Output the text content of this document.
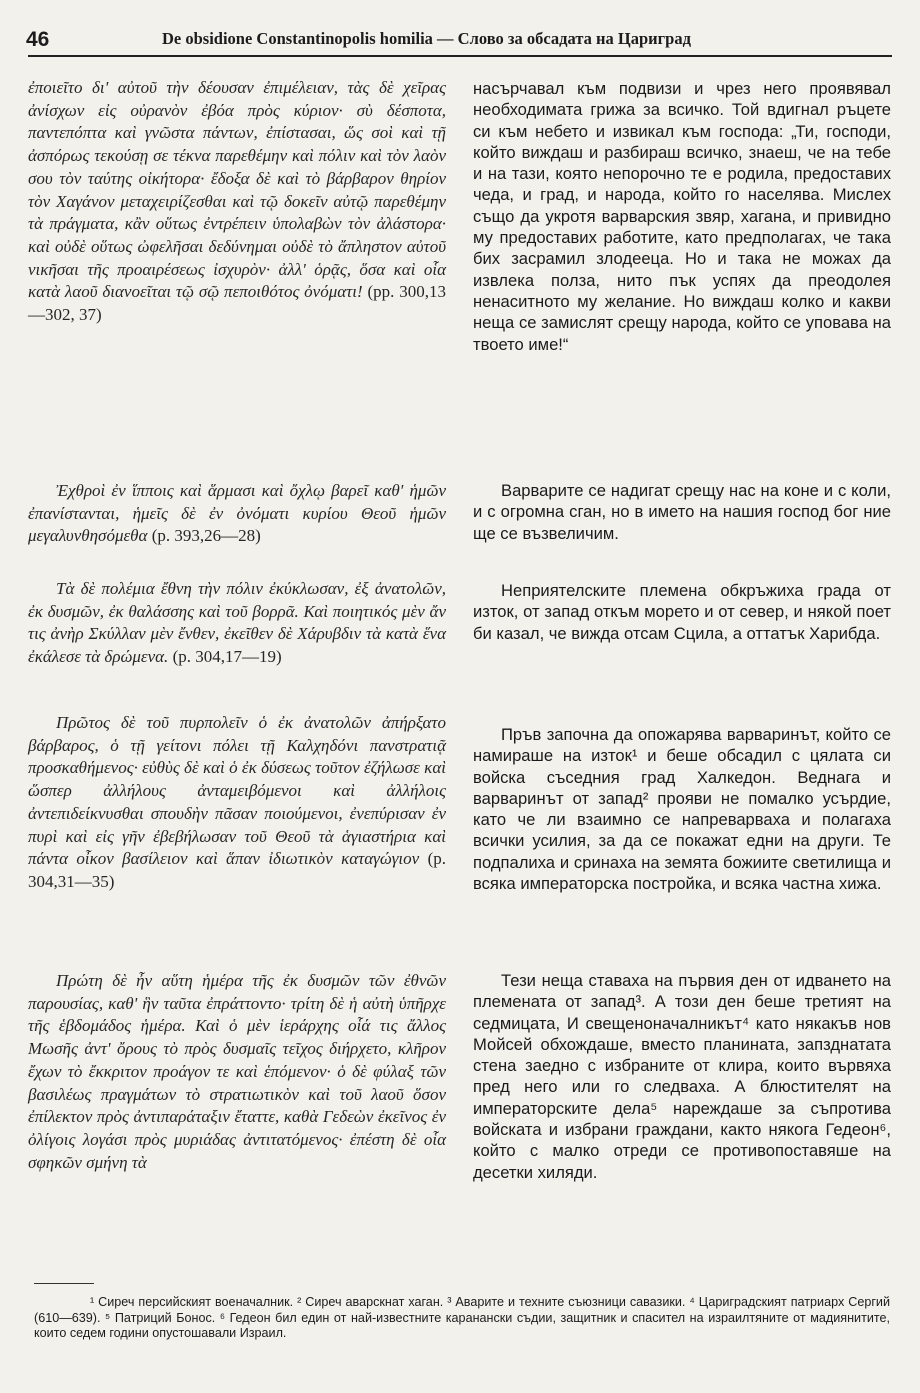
46	De obsidione Constantinopolis homilia — Слово за обсадата на Цариград

ἐποιεῖτο δι' αὐτοῦ τὴν δέουσαν ἐπιμέλειαν, τὰς δὲ χεῖρας ἀνίσχων εἰς οὐρανὸν ἐβόα πρὸς κύριον· σὺ δέσποτα, παντεπόπτα καὶ γνῶστα πάντων, ἐπίστασαι, ὥς σοὶ καὶ τῇ ἀσπόρως τεκούσῃ σε τέκνα παρεθέμην καὶ πόλιν καὶ τὸν λαὸν σου τὸν ταύτης οἰκήτορα· ἔδοξα δὲ καὶ τὸ βάρβαρον θηρίον τὸν Χαγάνον μεταχειρίζεσθαι καὶ τῷ δοκεῖν αὐτῷ παρεθέμην τὰ πράγματα, κἂν οὕτως ἐντρέπειν ὑπολαβὼν τὸν ἀλάστορα· καὶ οὐδὲ οὕτως ὠφελῆσαι δεδύνημαι οὐδὲ τὸ ἄπληστον αὐτοῦ νικῆσαι τῆς προαιρέσεως ἰσχυρὸν· ἀλλ' ὁρᾷς, ὅσα καὶ οἷα κατὰ λαοῦ διανοεῖται τῷ σῷ πεποιθότος ὀνόματι! (pp. 300,13—302, 37)

насърчавал към подвизи и чрез него проявявал необходимата грижа за всичко. Той вдигнал ръцете си към небето и извикал към господа: „Ти, господи, който виждаш и разбираш всичко, знаеш, че на тебе и на тази, която непорочно те е родила, предоставих чеда, и град, и народа, който го населява. Мислех също да укротя варварския звяр, хагана, и привидно му предоставих работите, като предполагах, че така бих засрамил злодееца. Но и така не можах да извлека полза, нито пък успях да преодолея ненаситното му желание. Но виждаш колко и какви неща се замислят срещу народа, който се уповава на твоето име!“

Ἐχθροὶ ἐν ἵπποις καὶ ἅρμασι καὶ ὄχλῳ βαρεῖ καθ' ἡμῶν ἐπανίστανται, ἡμεῖς δὲ ἐν ὀνόματι κυρίου Θεοῦ ἡμῶν μεγαλυνθησόμεθα (p. 393,26—28)

Варварите се надигат срещу нас на коне и с коли, и с огромна сган, но в името на нашия господ бог ние ще се възвеличим.

Τὰ δὲ πολέμια ἔθνη τὴν πόλιν ἐκύκλωσαν, ἐξ ἀνατολῶν, ἐκ δυσμῶν, ἐκ θαλάσσης καὶ τοῦ βορρᾶ. Καὶ ποιητικός μὲν ἄν τις ἀνὴρ Σκύλλαν μὲν ἔνθεν, ἐκεῖθεν δὲ Χάρυβδιν τὰ κατὰ ἕνα ἐκάλεσε τὰ δρώμενα. (p. 304,17—19)

Неприятелските племена обкръжиха града от изток, от запад откъм морето и от север, и някой поет би казал, че вижда отсам Сцила, а оттатък Харибда.

Πρῶτος δὲ τοῦ πυρπολεῖν ὁ ἐκ ἀνατολῶν ἀπήρξατο βάρβαρος, ὁ τῇ γείτονι πόλει τῇ Καλχηδόνι πανστρατιᾷ προσκαθήμενος· εὐθὺς δὲ καὶ ὁ ἐκ δύσεως τοῦτον ἐζήλωσε καὶ ὥσπερ ἀλλήλους ἀνταμειβόμενοι καὶ ἀλλήλοις ἀντεπιδείκνυσθαι σπουδὴν πᾶσαν ποιούμενοι, ἐνεπύρισαν ἐν πυρὶ καὶ εἰς γῆν ἐβεβήλωσαν τοῦ Θεοῦ τὰ ἁγιαστήρια καὶ πάντα οἶκον βασίλειον καὶ ἅπαν ἰδιωτικὸν καταγώγιον (p. 304,31—35)

Пръв започна да опожарява варваринът, който се намираше на изток¹ и беше обсадил с цялата си войска съседния град Халкедон. Веднага и варваринът от запад² прояви не помалко усърдие, като че ли взаимно се напреварваха и полагаха всички усилия, за да се покажат едни на други. Те подпалиха и сринаха на земята божиите светилища и всяка императорска постройка, и всяка частна хижа.

Πρώτη δὲ ἦν αὕτη ἡμέρα τῆς ἐκ δυσμῶν τῶν ἐθνῶν παρουσίας, καθ' ἣν ταῦτα ἐπράττοντο· τρίτη δὲ ἡ αὐτὴ ὑπῆρχε τῆς ἑβδομάδος ἡμέρα. Καὶ ὁ μὲν ἱεράρχης οἷά τις ἄλλος Μωσῆς ἀντ' ὄρους τὸ πρὸς δυσμαῖς τεῖχος διήρχετο, κλῆρον ἔχων τὸ ἔκκριτον προάγον τε καὶ ἑπόμενον· ὁ δὲ φύλαξ τῶν βασιλέως πραγμάτων τὸ στρατιωτικὸν καὶ τοῦ λαοῦ ὅσον ἐπίλεκτον πρὸς ἀντιπαράταξιν ἔταττε, καθὰ Γεδεὼν ἐκεῖνος ἐν ὀλίγοις λογάσι πρὸς μυριάδας ἀντιτατόμενος· ἐπέστη δὲ οἷα σφηκῶν σμήνη τὰ

Тези неща ставаха на първия ден от идването на племената от запад³. А този ден беше третият на седмицата, И свещеноначалникът⁴ като някакъв нов Мойсей обхождаше, вместо планината, запзднатата стена заедно с избраните от клира, които вървяха пред него или го следваха. А блюстителят на императорските дела⁵ нареждаше за съпротива войската и избрани граждани, както някога Гедеон⁶, който с малко отреди се противопоставяше на десетки хиляди.

¹ Сиреч персийският военачалник. ² Сиреч аварскнат хаган. ³ Аварите и техните съюзници савазики. ⁴ Цариградският патриарх Сергий (610—639). ⁵ Патриций Бонос. ⁶ Гедеон бил един от най-известните каранански съдии, защитник и спасител на израилтяните от мадиянитите, които седем години опустошавали Израил.
